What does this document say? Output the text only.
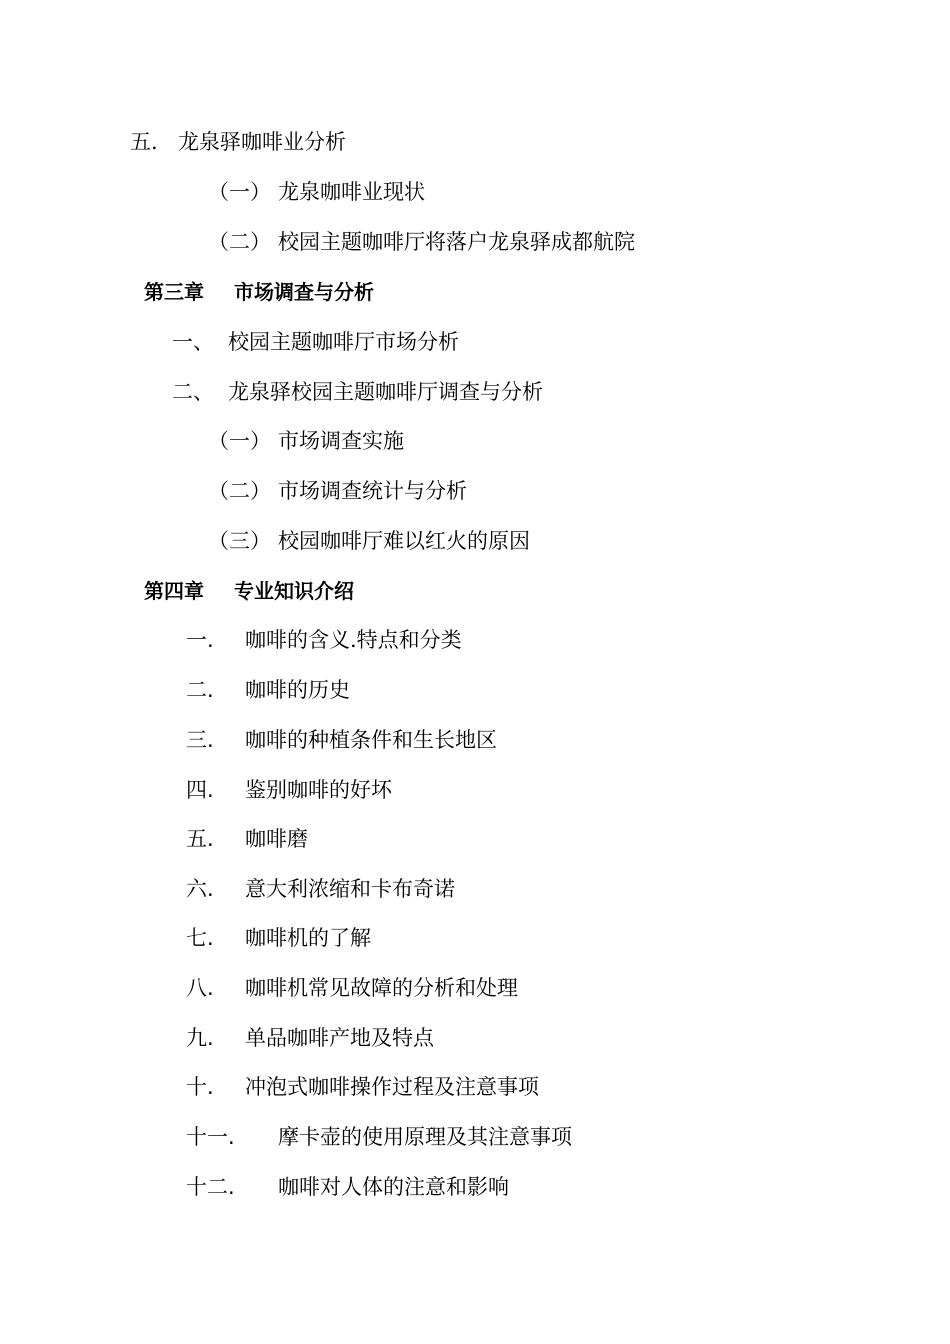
五. 龙泉驿咖啡业分析
（一） 龙泉咖啡业现状
（二） 校园主题咖啡厅将落户龙泉驿成都航院
第三章 市场调查与分析
一、 校园主题咖啡厅市场分析
二、 龙泉驿校园主题咖啡厅调查与分析
（一） 市场调查实施
（二） 市场调查统计与分析
（三） 校园咖啡厅难以红火的原因
第四章 专业知识介绍
一. 咖啡的含义.特点和分类
二. 咖啡的历史
三. 咖啡的种植条件和生长地区
四. 鉴别咖啡的好坏
五. 咖啡磨
六. 意大利浓缩和卡布奇诺
七. 咖啡机的了解
八. 咖啡机常见故障的分析和处理
九. 单品咖啡产地及特点
十. 冲泡式咖啡操作过程及注意事项
十一. 摩卡壶的使用原理及其注意事项
十二. 咖啡对人体的注意和影响
